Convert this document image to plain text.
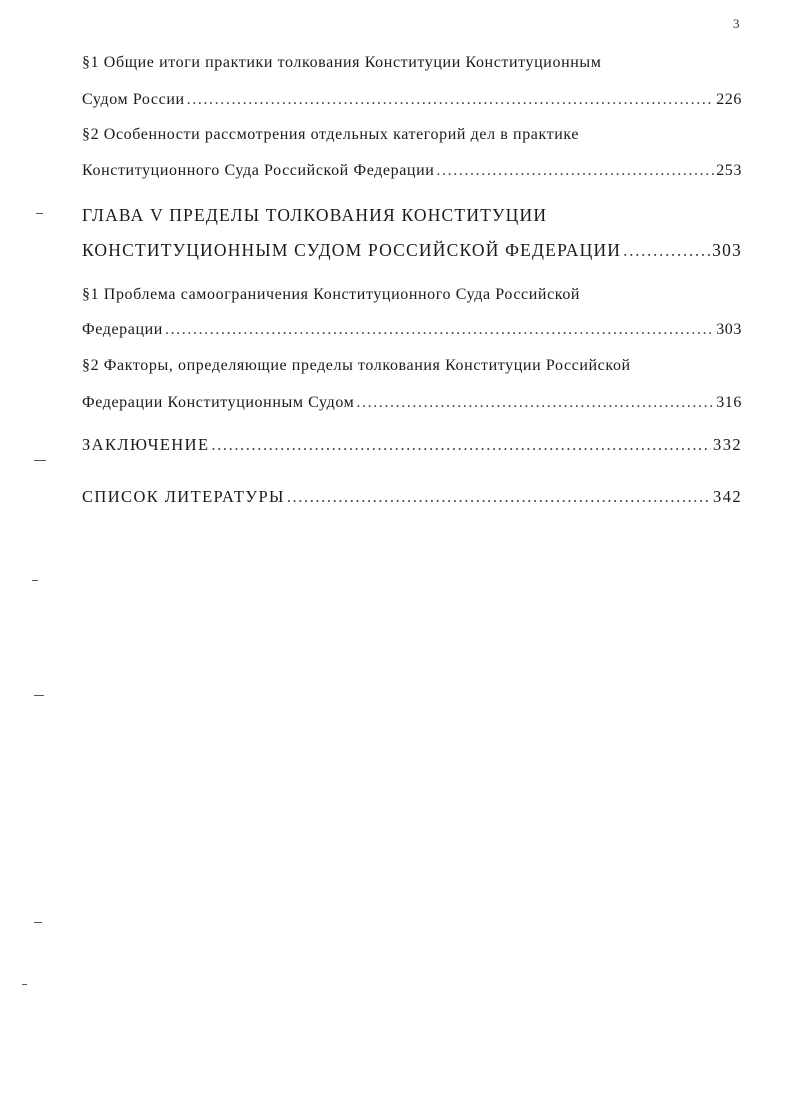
3
§1 Общие итоги практики толкования Конституции Конституционным
Судом России .....	226
§2 Особенности рассмотрения отдельных категорий дел в практике
Конституционного Суда Российской Федерации .....	253
ГЛАВА V ПРЕДЕЛЫ ТОЛКОВАНИЯ КОНСТИТУЦИИ
КОНСТИТУЦИОННЫМ СУДОМ РОССИЙСКОЙ ФЕДЕРАЦИИ .....	303
§1 Проблема самоограничения Конституционного Суда Российской
Федерации .....	303
§2 Факторы, определяющие пределы толкования Конституции Российской
Федерации Конституционным Судом .....	316
ЗАКЛЮЧЕНИЕ .....	332
СПИСОК ЛИТЕРАТУРЫ .....	342
